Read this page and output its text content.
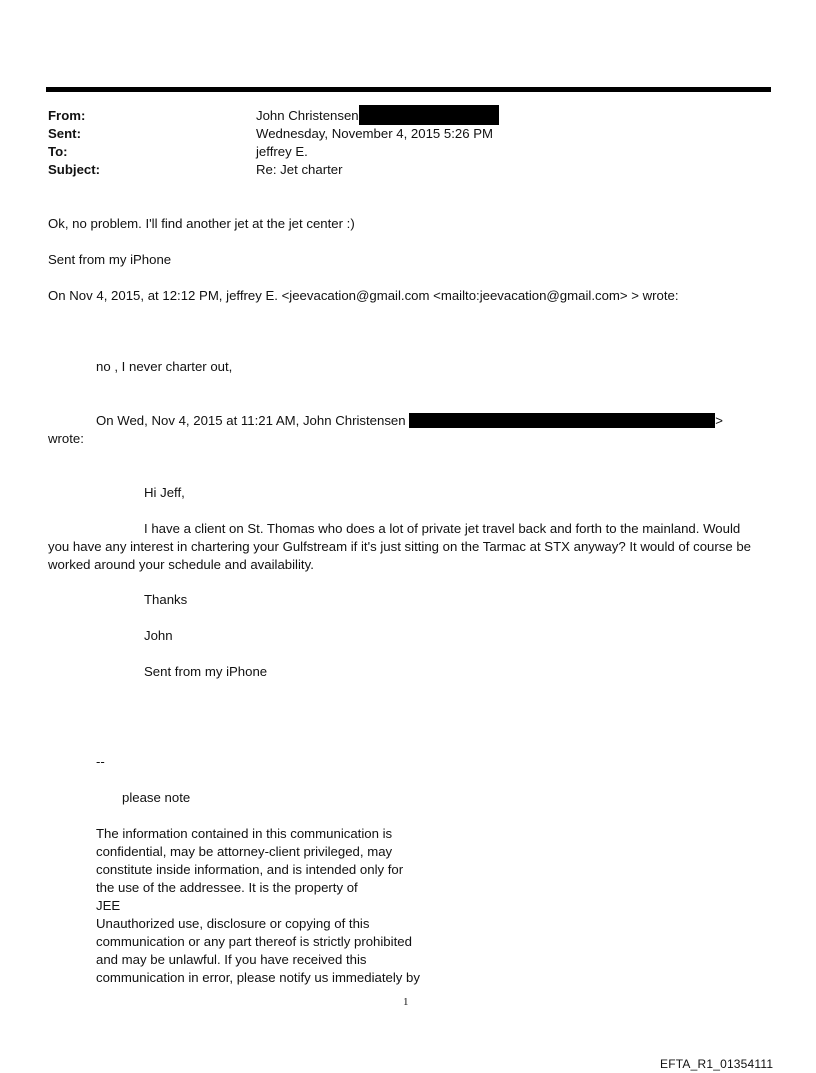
From:	John Christensen
Sent:	Wednesday, November 4, 2015 5:26 PM
To:	jeffrey E.
Subject:	Re: Jet charter
Ok, no problem. I'll find another jet at the jet center :)
Sent from my iPhone
On Nov 4, 2015, at 12:12 PM, jeffrey E. <jeevacation@gmail.com <mailto:jeevacation@gmail.com> > wrote:
no , I never charter out,
On Wed, Nov 4, 2015 at 11:21 AM, John Christensen	>
wrote:
Hi Jeff,
I have a client on St. Thomas who does a lot of private jet travel back and forth to the mainland. Would
you have any interest in chartering your Gulfstream if it's just sitting on the Tarmac at STX anyway? It would of course be
worked around your schedule and availability.
Thanks
John
Sent from my iPhone
--
please note
The information contained in this communication is
confidential, may be attorney-client privileged, may
constitute inside information, and is intended only for
the use of the addressee. It is the property of
JEE
Unauthorized use, disclosure or copying of this
communication or any part thereof is strictly prohibited
and may be unlawful. If you have received this
communication in error, please notify us immediately by
1
EFTA_R1_01354111
